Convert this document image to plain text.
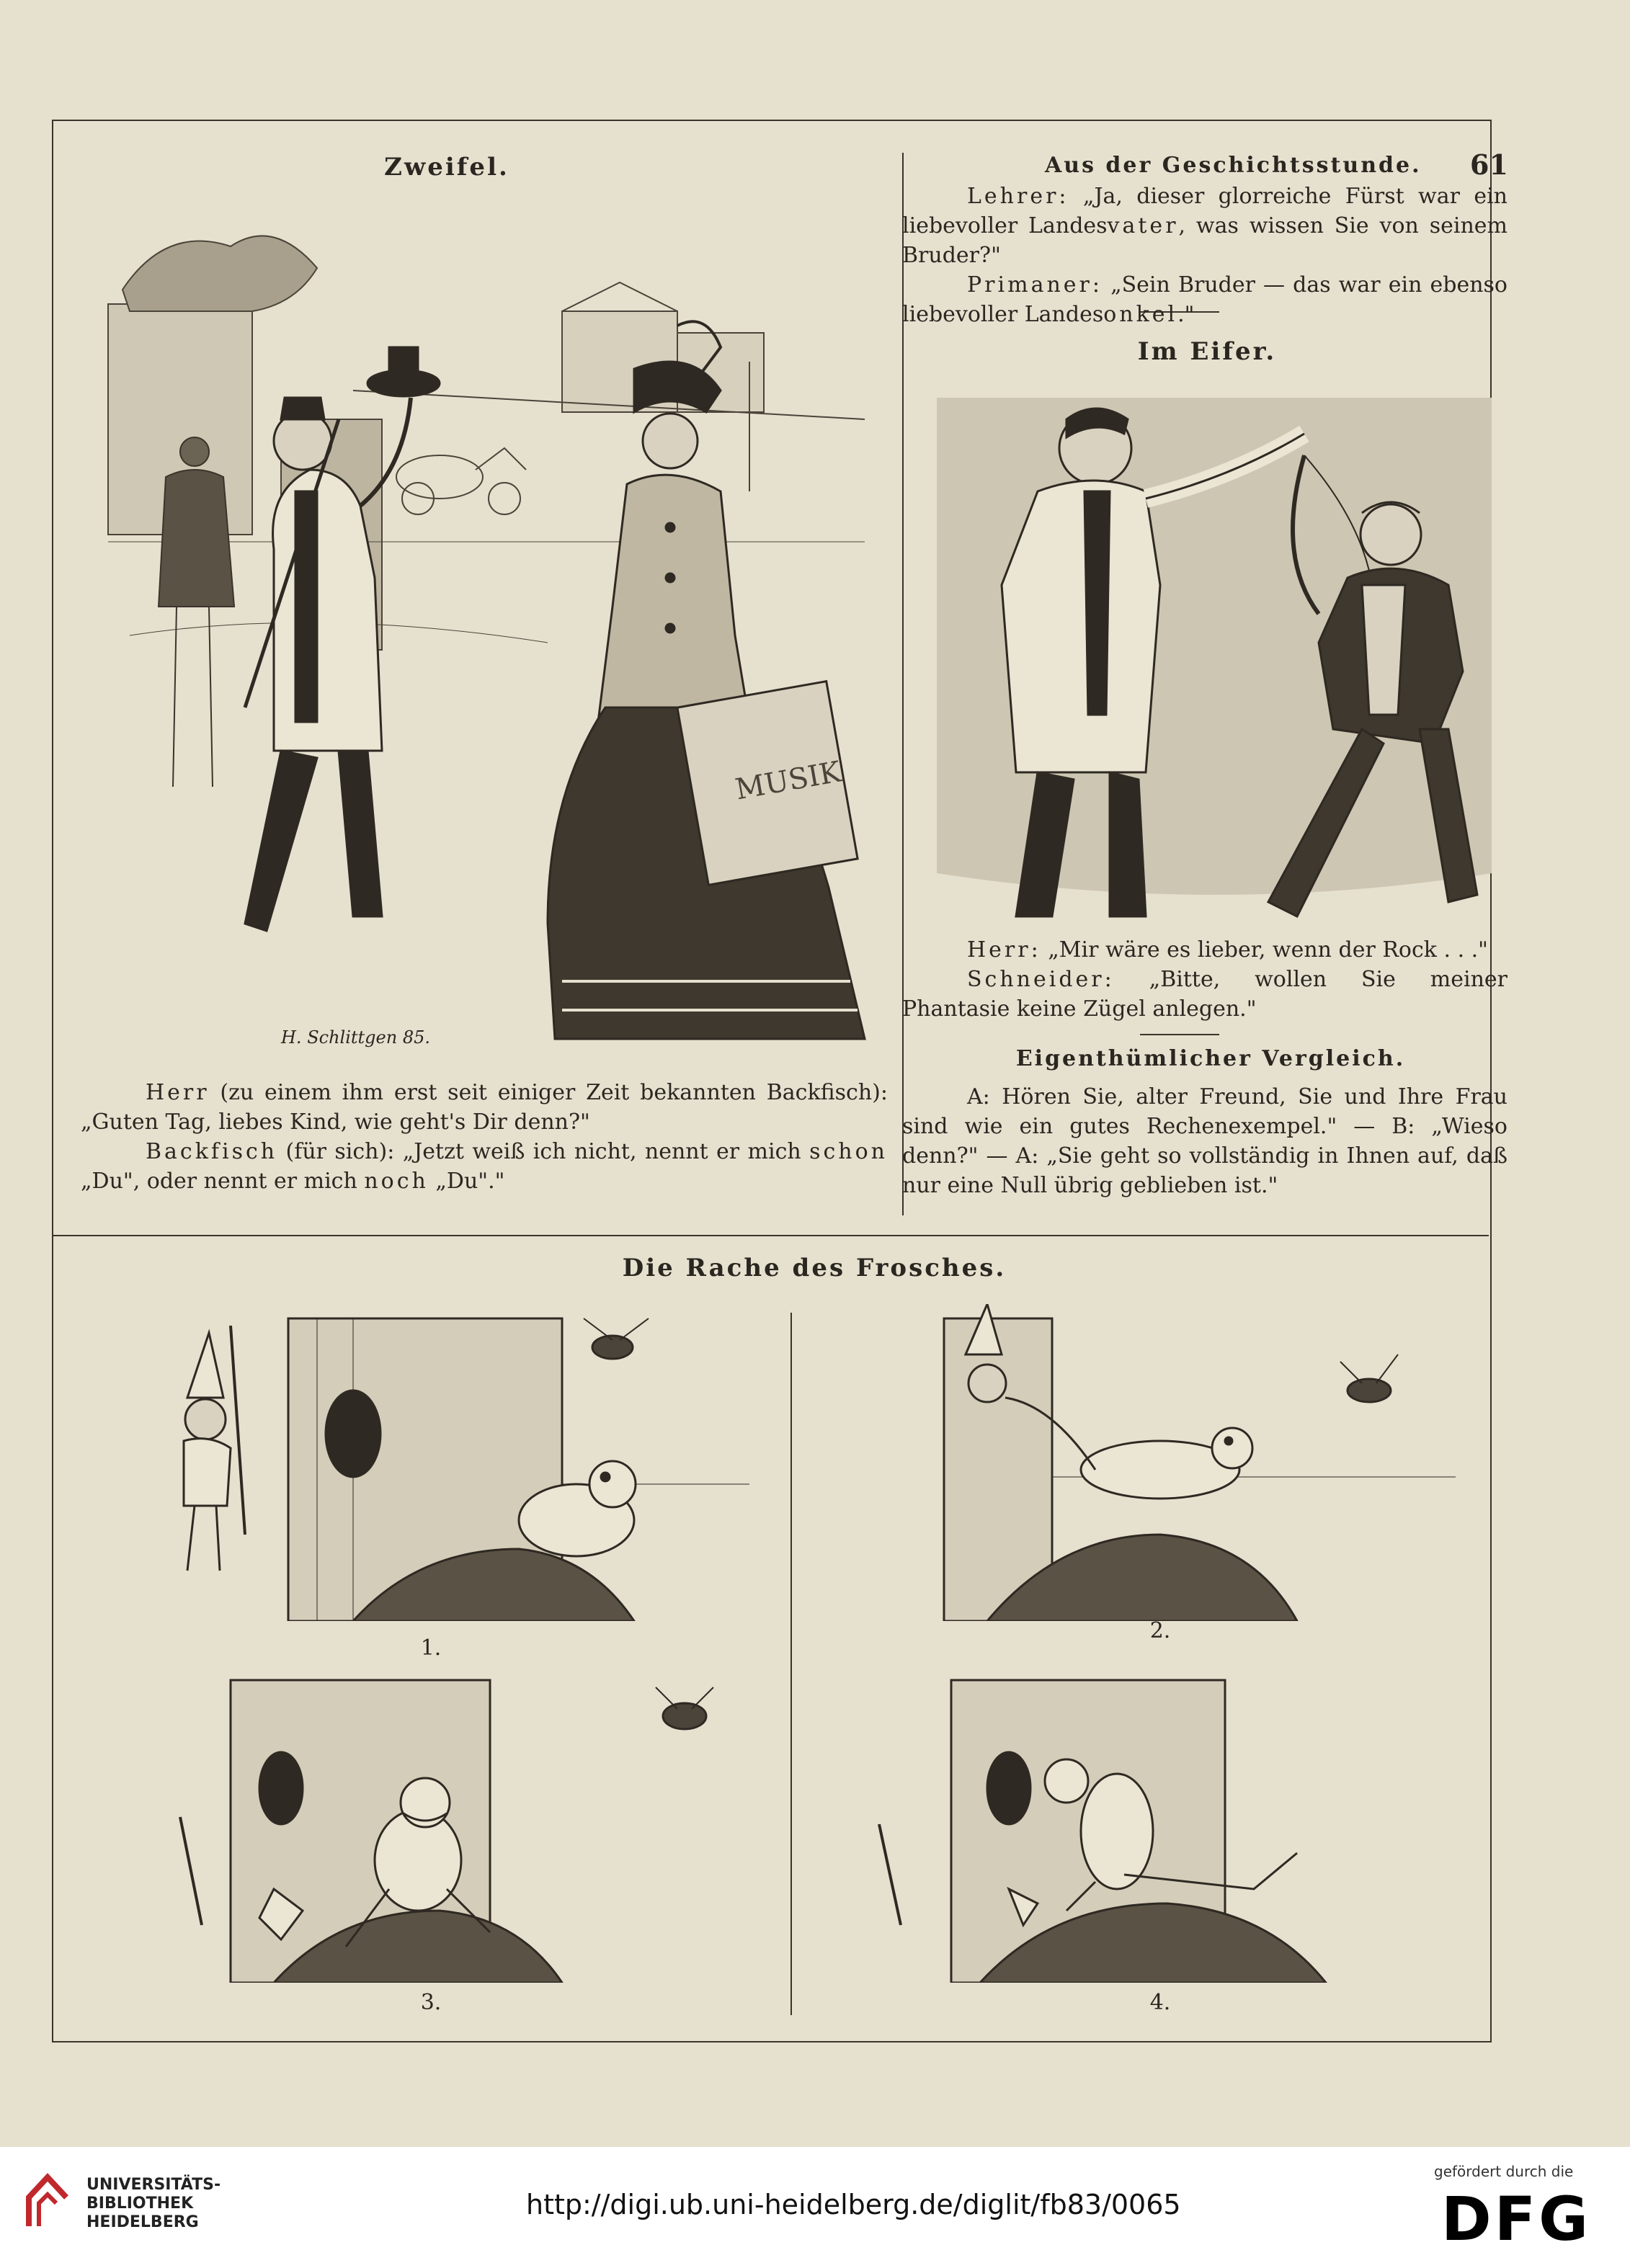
Zweifel.
MUSIK
H. Schlittgen 85.

Herr (zu einem ihm erst seit einiger Zeit bekannten Backfisch): „Guten Tag, liebes Kind, wie geht's Dir denn?"

Backfisch (für sich): „Jetzt weiß ich nicht, nennt er mich schon „Du", oder nennt er mich noch „Du"."

Aus der Geschichtsstunde. 61

Lehrer: „Ja, dieser glorreiche Fürst war ein liebevoller Landesvater, was wissen Sie von seinem Bruder?"

Primaner: „Sein Bruder — das war ein ebenso liebevoller Landesonkel."

Im Eifer.

Herr: „Mir wäre es lieber, wenn der Rock . . ."

Schneider: „Bitte, wollen Sie meiner Phantasie keine Zügel anlegen."

Eigenthümlicher Vergleich.

A: Hören Sie, alter Freund, Sie und Ihre Frau sind wie ein gutes Rechenexempel." — B: „Wieso denn?" — A: „Sie geht so vollständig in Ihnen auf, daß nur eine Null übrig geblieben ist."

Die Rache des Frosches.
1.
2.
3.	4.
UNIVERSITÄTS-
BIBLIOTHEK
HEIDELBERG
http://digi.ub.uni-heidelberg.de/diglit/fb83/0065
gefördert durch die
DFG
